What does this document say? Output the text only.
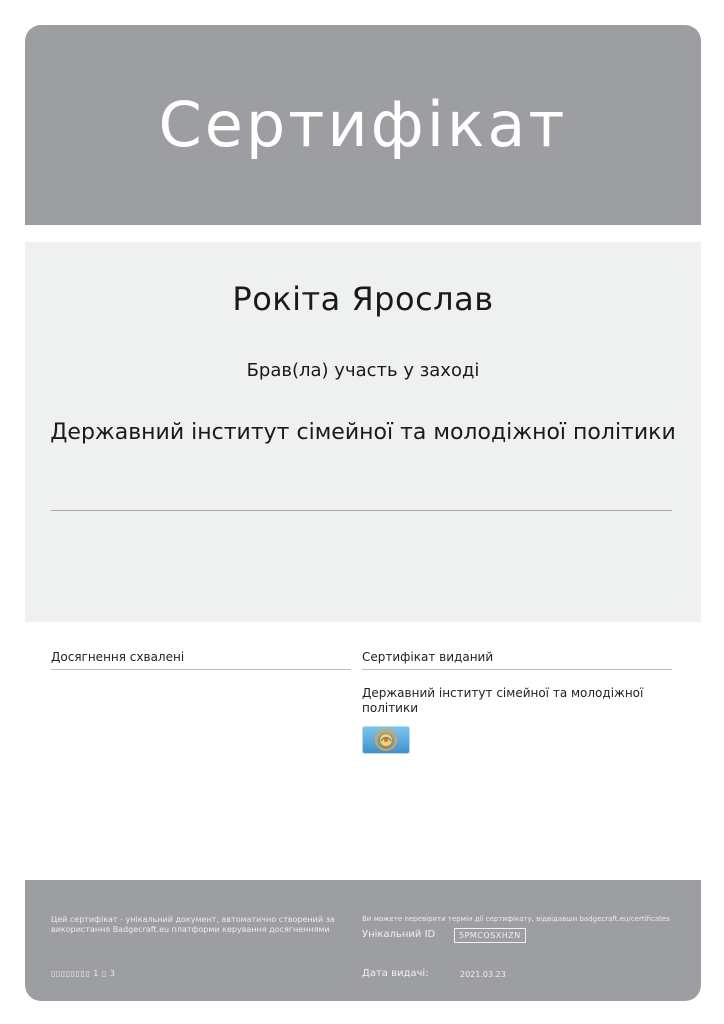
Сертифікат
Рокіта Ярослав
Брав(ла) участь у заході
Державний інститут сімейної та молодіжної політики
Досягнення схвалені	Сертифікат виданий
Державний інститут сімейної та молодіжної політики
Цей сертифікат - унікальний документ, автоматично створений за використання Badgecraft.eu платформи керування досягненнями
▯▯▯▯▯▯▯▯ 1 ▯ 3
Ви можете перевірити термін дії сертифікату, відвідавши badgecraft.eu/certificates
Унікальний ID	5PMCOSXHZN
Дата видачі:	2021.03.23
